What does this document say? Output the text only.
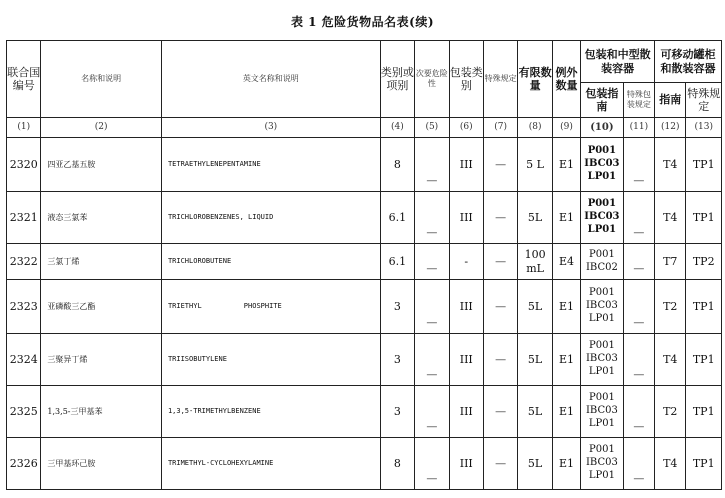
表 1 危险货物品名表(续)
联合国编号	名称和说明	英文名称和说明	类别或项别	次要危险性	包装类别	特殊规定	有限数量	例外数量	包装和中型散装容器		可移动罐柜和散装容器	
									包装指南	特殊包装规定	指南	特殊规定
(1)	(2)	(3)	(4)	(5)	(6)	(7)	(8)	(9)	(10)	(11)	(12)	(13)
2320	四亚乙基五胺	TETRAETHYLENEPENTAMINE	8	—	III	—	5 L	E1	P001
IBC03
LP01	—	T4	TP1
2321	液态三氯苯	TRICHLOROBENZENES, LIQUID	6.1	—	III	—	5L	E1	P001
IBC03
LP01	—	T4	TP1
2322	三氯丁烯	TRICHLOROBUTENE	6.1	—	-	—	100 mL	E4	P001
IBC02	—	T7	TP2
2323	亚磷酸三乙酯	TRIETHYL          PHOSPHITE	3	—	III	—	5L	E1	P001
IBC03
LP01	—	T2	TP1
2324	三聚异丁烯	TRIISOBUTYLENE	3	—	III	—	5L	E1	P001
IBC03
LP01	—	T4	TP1
2325	1,3,5-三甲基苯	1,3,5-TRIMETHYLBENZENE	3	—	III	—	5L	E1	P001
IBC03
LP01	—	T2	TP1
2326	三甲基环己胺	TRIMETHYL-CYCLOHEXYLAMINE	8	—	III	—	5L	E1	P001
IBC03
LP01	—	T4	TP1
